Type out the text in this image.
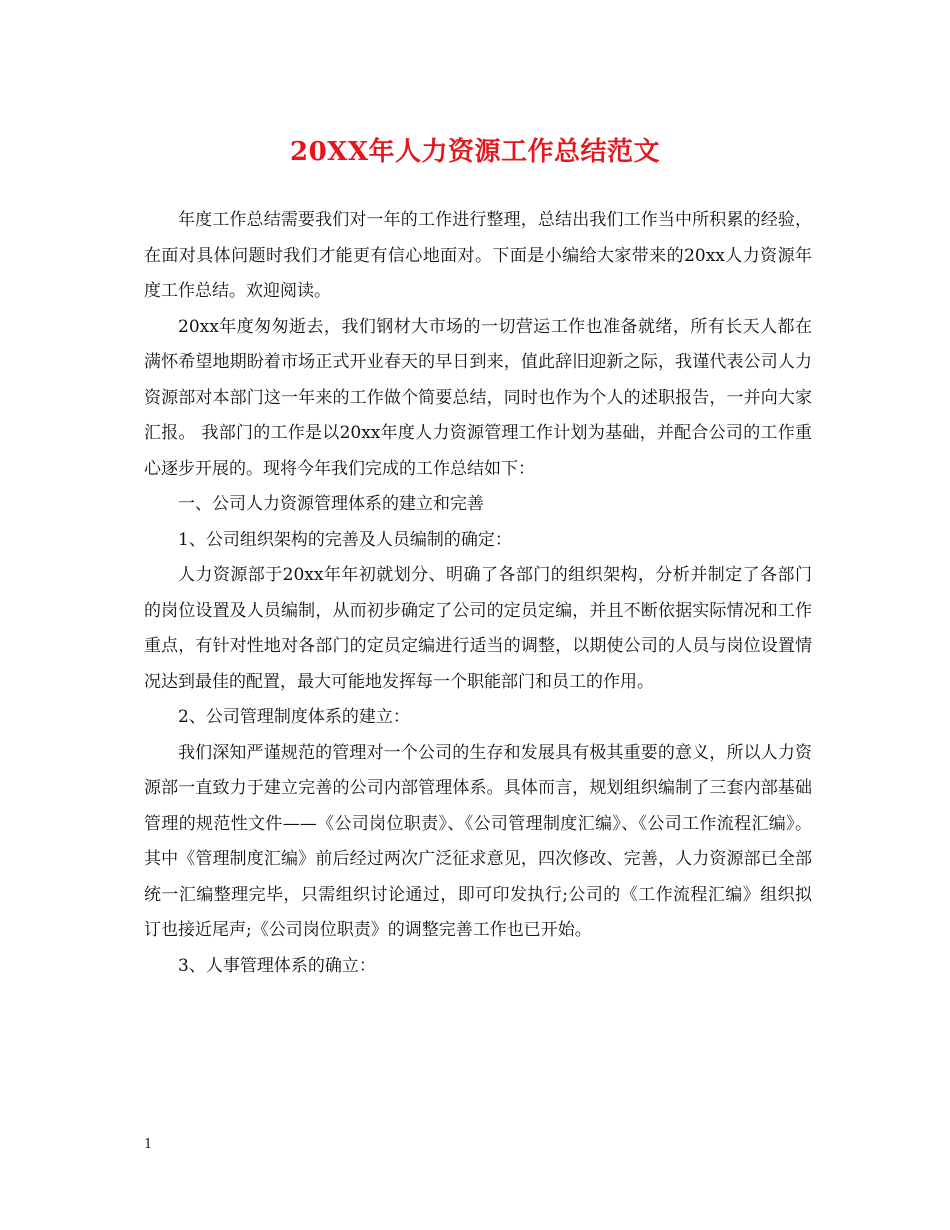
20XX年人力资源工作总结范文

年度工作总结需要我们对一年的工作进行整理，总结出我们工作当中所积累的经验，在面对具体问题时我们才能更有信心地面对。下面是小编给大家带来的20xx人力资源年度工作总结。欢迎阅读。

20xx年度匆匆逝去，我们钢材大市场的一切营运工作也准备就绪，所有长天人都在满怀希望地期盼着市场正式开业春天的早日到来，值此辞旧迎新之际，我谨代表公司人力资源部对本部门这一年来的工作做个简要总结，同时也作为个人的述职报告，一并向大家汇报。 我部门的工作是以20xx年度人力资源管理工作计划为基础，并配合公司的工作重心逐步开展的。现将今年我们完成的工作总结如下：

一、公司人力资源管理体系的建立和完善

1、公司组织架构的完善及人员编制的确定：

人力资源部于20xx年年初就划分、明确了各部门的组织架构，分析并制定了各部门的岗位设置及人员编制，从而初步确定了公司的定员定编，并且不断依据实际情况和工作重点，有针对性地对各部门的定员定编进行适当的调整，以期使公司的人员与岗位设置情况达到最佳的配置，最大可能地发挥每一个职能部门和员工的作用。

2、公司管理制度体系的建立：

我们深知严谨规范的管理对一个公司的生存和发展具有极其重要的意义，所以人力资源部一直致力于建立完善的公司内部管理体系。具体而言，规划组织编制了三套内部基础管理的规范性文件——《公司岗位职责》、《公司管理制度汇编》、《公司工作流程汇编》。其中《管理制度汇编》前后经过两次广泛征求意见，四次修改、完善，人力资源部已全部统一汇编整理完毕，只需组织讨论通过，即可印发执行;公司的《工作流程汇编》组织拟订也接近尾声;《公司岗位职责》的调整完善工作也已开始。

3、人事管理体系的确立：

1
